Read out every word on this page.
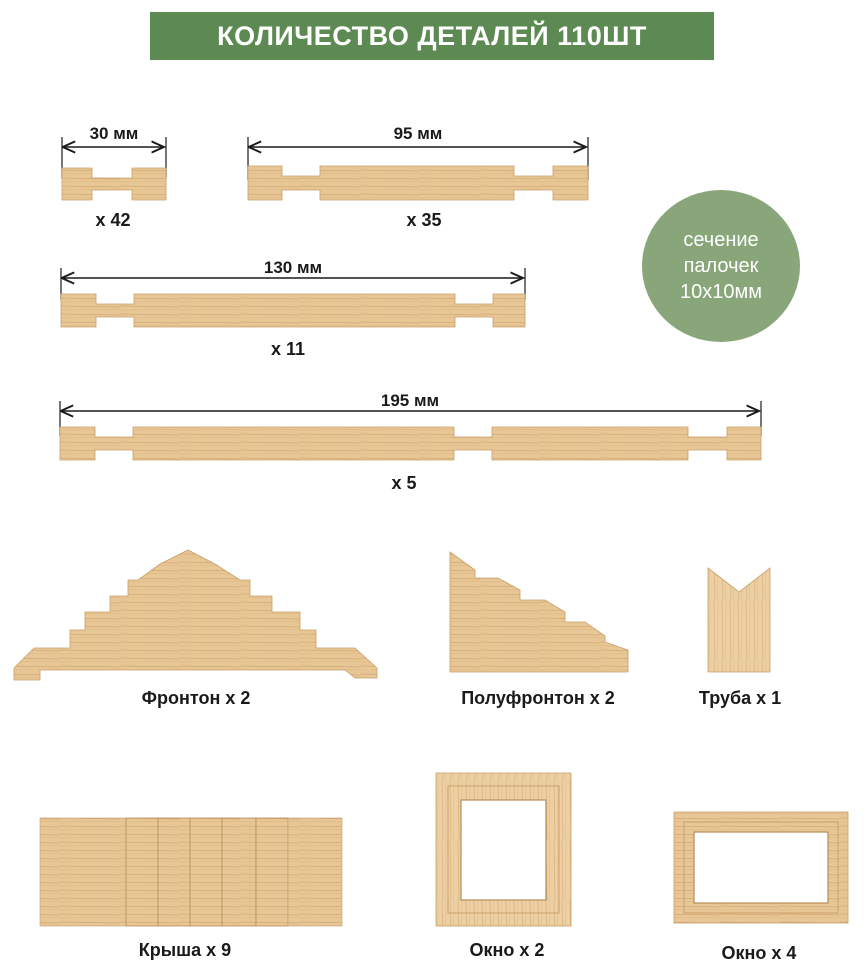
КОЛИЧЕСТВО ДЕТАЛЕЙ 110ШТ
сечение
палочек
10х10мм
30 мм	95 мм
130 мм
195 мм
х 42	х 35
х 11
х 5
Фронтон х 2	Полуфронтон х 2	Труба х 1
Крыша х 9	Окно х 2	Окно х 4
